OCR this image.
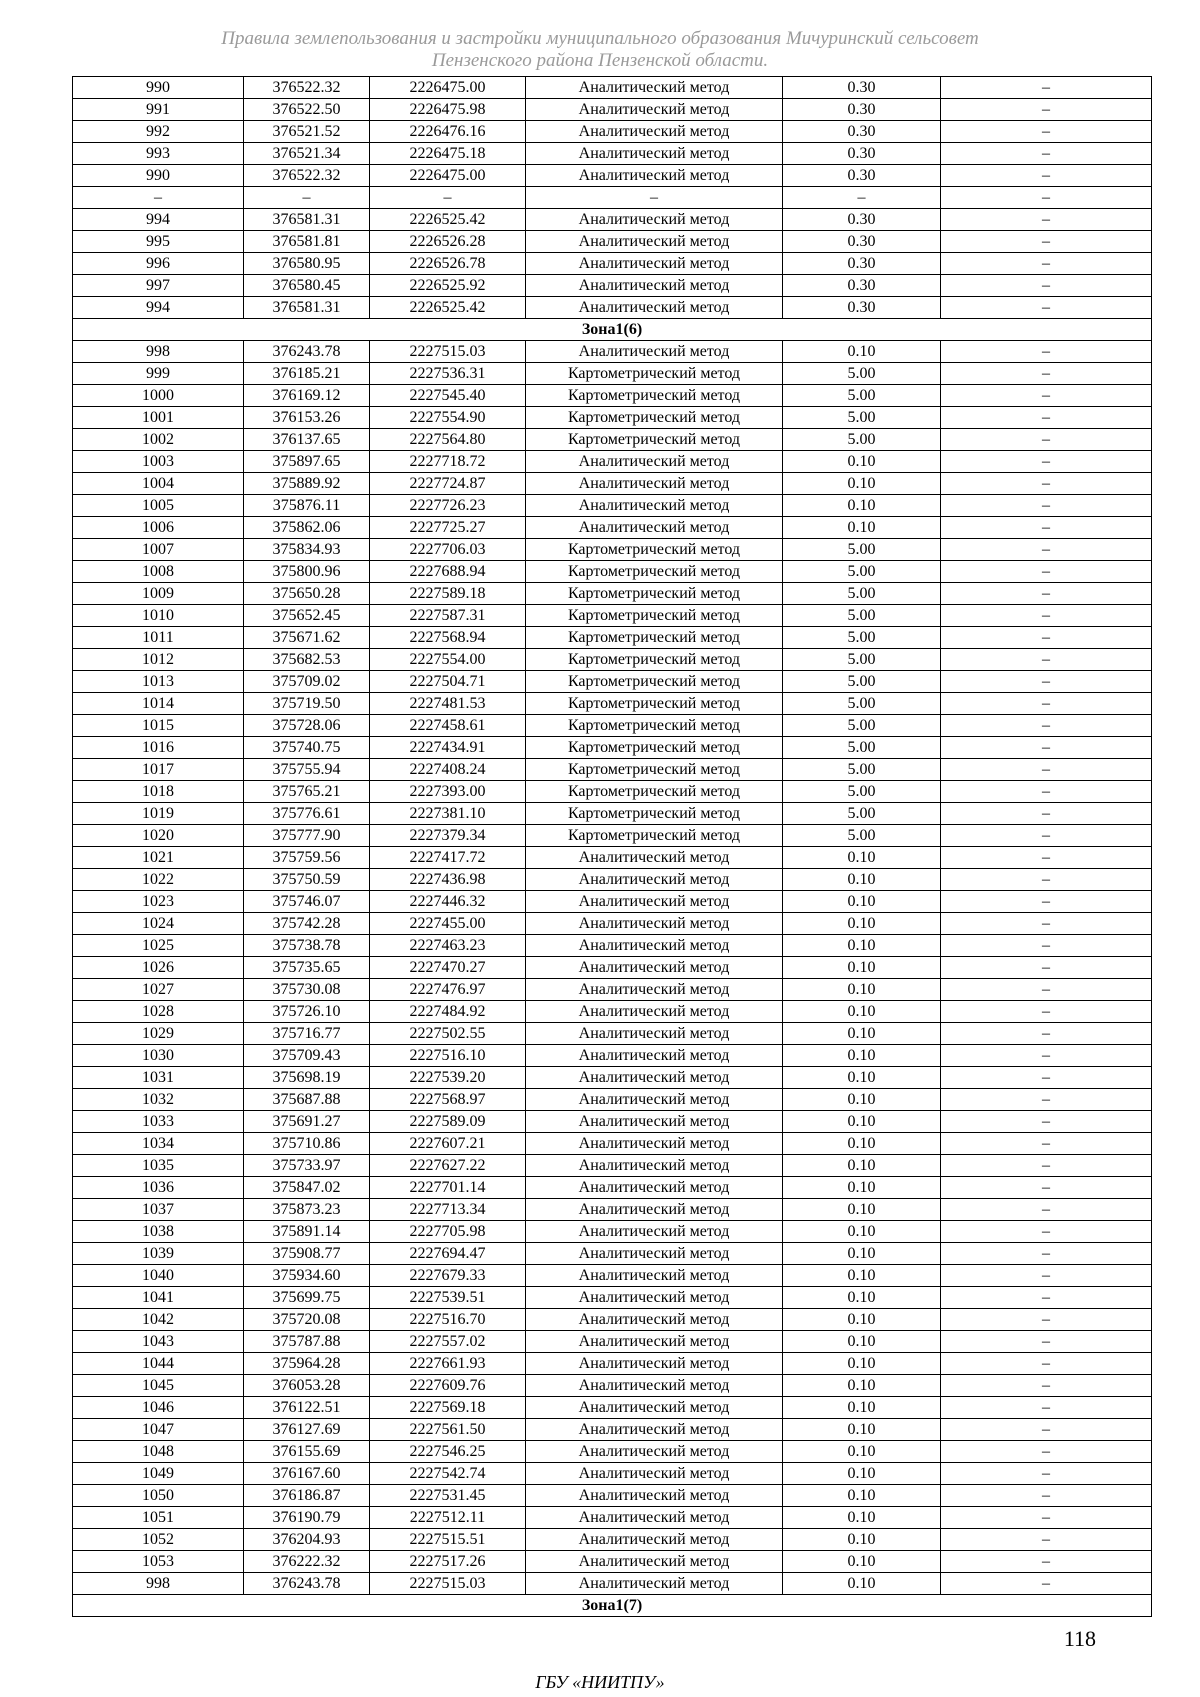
Правила землепользования и застройки муниципального образования Мичуринский сельсовет
Пензенского района Пензенской области.
990	376522.32	2226475.00	Аналитический метод	0.30	–
991	376522.50	2226475.98	Аналитический метод	0.30	–
992	376521.52	2226476.16	Аналитический метод	0.30	–
993	376521.34	2226475.18	Аналитический метод	0.30	–
990	376522.32	2226475.00	Аналитический метод	0.30	–
–	–	–	–	–	–
994	376581.31	2226525.42	Аналитический метод	0.30	–
995	376581.81	2226526.28	Аналитический метод	0.30	–
996	376580.95	2226526.78	Аналитический метод	0.30	–
997	376580.45	2226525.92	Аналитический метод	0.30	–
994	376581.31	2226525.42	Аналитический метод	0.30	–
Зона1(6)					
998	376243.78	2227515.03	Аналитический метод	0.10	–
999	376185.21	2227536.31	Картометрический метод	5.00	–
1000	376169.12	2227545.40	Картометрический метод	5.00	–
1001	376153.26	2227554.90	Картометрический метод	5.00	–
1002	376137.65	2227564.80	Картометрический метод	5.00	–
1003	375897.65	2227718.72	Аналитический метод	0.10	–
1004	375889.92	2227724.87	Аналитический метод	0.10	–
1005	375876.11	2227726.23	Аналитический метод	0.10	–
1006	375862.06	2227725.27	Аналитический метод	0.10	–
1007	375834.93	2227706.03	Картометрический метод	5.00	–
1008	375800.96	2227688.94	Картометрический метод	5.00	–
1009	375650.28	2227589.18	Картометрический метод	5.00	–
1010	375652.45	2227587.31	Картометрический метод	5.00	–
1011	375671.62	2227568.94	Картометрический метод	5.00	–
1012	375682.53	2227554.00	Картометрический метод	5.00	–
1013	375709.02	2227504.71	Картометрический метод	5.00	–
1014	375719.50	2227481.53	Картометрический метод	5.00	–
1015	375728.06	2227458.61	Картометрический метод	5.00	–
1016	375740.75	2227434.91	Картометрический метод	5.00	–
1017	375755.94	2227408.24	Картометрический метод	5.00	–
1018	375765.21	2227393.00	Картометрический метод	5.00	–
1019	375776.61	2227381.10	Картометрический метод	5.00	–
1020	375777.90	2227379.34	Картометрический метод	5.00	–
1021	375759.56	2227417.72	Аналитический метод	0.10	–
1022	375750.59	2227436.98	Аналитический метод	0.10	–
1023	375746.07	2227446.32	Аналитический метод	0.10	–
1024	375742.28	2227455.00	Аналитический метод	0.10	–
1025	375738.78	2227463.23	Аналитический метод	0.10	–
1026	375735.65	2227470.27	Аналитический метод	0.10	–
1027	375730.08	2227476.97	Аналитический метод	0.10	–
1028	375726.10	2227484.92	Аналитический метод	0.10	–
1029	375716.77	2227502.55	Аналитический метод	0.10	–
1030	375709.43	2227516.10	Аналитический метод	0.10	–
1031	375698.19	2227539.20	Аналитический метод	0.10	–
1032	375687.88	2227568.97	Аналитический метод	0.10	–
1033	375691.27	2227589.09	Аналитический метод	0.10	–
1034	375710.86	2227607.21	Аналитический метод	0.10	–
1035	375733.97	2227627.22	Аналитический метод	0.10	–
1036	375847.02	2227701.14	Аналитический метод	0.10	–
1037	375873.23	2227713.34	Аналитический метод	0.10	–
1038	375891.14	2227705.98	Аналитический метод	0.10	–
1039	375908.77	2227694.47	Аналитический метод	0.10	–
1040	375934.60	2227679.33	Аналитический метод	0.10	–
1041	375699.75	2227539.51	Аналитический метод	0.10	–
1042	375720.08	2227516.70	Аналитический метод	0.10	–
1043	375787.88	2227557.02	Аналитический метод	0.10	–
1044	375964.28	2227661.93	Аналитический метод	0.10	–
1045	376053.28	2227609.76	Аналитический метод	0.10	–
1046	376122.51	2227569.18	Аналитический метод	0.10	–
1047	376127.69	2227561.50	Аналитический метод	0.10	–
1048	376155.69	2227546.25	Аналитический метод	0.10	–
1049	376167.60	2227542.74	Аналитический метод	0.10	–
1050	376186.87	2227531.45	Аналитический метод	0.10	–
1051	376190.79	2227512.11	Аналитический метод	0.10	–
1052	376204.93	2227515.51	Аналитический метод	0.10	–
1053	376222.32	2227517.26	Аналитический метод	0.10	–
998	376243.78	2227515.03	Аналитический метод	0.10	–
Зона1(7)					
118
ГБУ «НИИТПУ»
